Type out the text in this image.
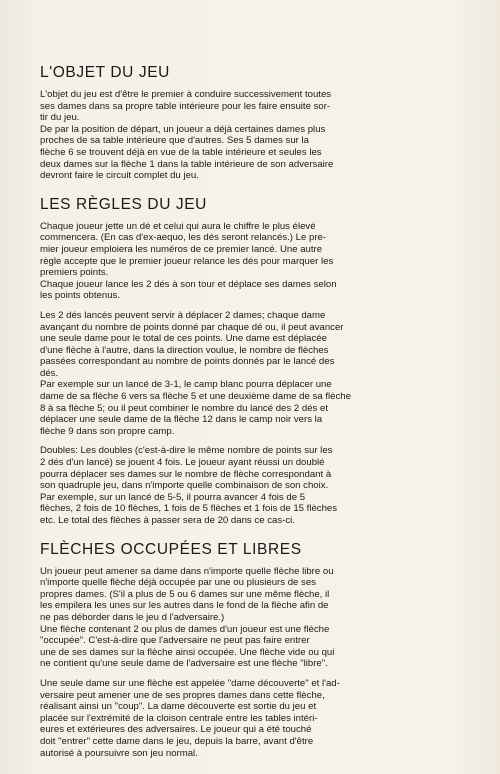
L'OBJET DU JEU

L'objet du jeu est d'être le premier à conduire successivement toutes
ses dames dans sa propre table intérieure pour les faire ensuite sor-
tir du jeu.
De par la position de départ, un joueur a déjà certaines dames plus
proches de sa table intérieure que d'autres. Ses 5 dames sur la
flèche 6 se trouvent déjà en vue de la table intérieure et seules les
deux dames sur la flèche 1 dans la table intérieure de son adversaire
devront faire le circuit complet du jeu.

LES RÈGLES DU JEU

Chaque joueur jette un dé et celui qui aura le chiffre le plus élevé
commencera. (En cas d'ex-aequo, les dés seront relancés.) Le pre-
mier joueur emploiera les numéros de ce premier lancé. Une autre
règle accepte que le premier joueur relance les dés pour marquer les
premiers points.
Chaque joueur lance les 2 dés à son tour et déplace ses dames selon
les points obtenus.

Les 2 dés lancés peuvent servir à déplacer 2 dames; chaque dame
avançant du nombre de points donné par chaque dé ou, il peut avancer
une seule dame pour le total de ces points. Une dame est déplacée
d'une flèche à l'autre, dans la direction voulue, le nombre de flèches
passées correspondant au nombre de points donnés par le lancé des
dés.
Par exemple sur un lancé de 3-1, le camp blanc pourra déplacer une
dame de sa flèche 6 vers sa flèche 5 et une deuxième dame de sa flèche
8 à sa flèche 5; ou il peut combiner le nombre du lancé des 2 dés et
déplacer une seule dame de la flèche 12 dans le camp noir vers la
flèche 9 dans son propre camp.

Doubles: Les doubles (c'est-à-dire le même nombre de points sur les
2 dés d'un lancé) se jouent 4 fois. Le joueur ayant réussi un doublé
pourra déplacer ses dames sur le nombre de flèche correspondant à
son quadruple jeu, dans n'importe quelle combinaison de son choix.
Par exemple, sur un lancé de 5-5, il pourra avancer 4 fois de 5
flèches, 2 fois de 10 flèches, 1 fois de 5 flèches et 1 fois de 15 flèches
etc. Le total des flèches à passer sera de 20 dans ce cas-ci.

FLÈCHES OCCUPÉES ET LIBRES

Un joueur peut amener sa dame dans n'importe quelle flèche libre ou
n'importe quelle flèche déjà occupée par une ou plusieurs de ses
propres dames. (S'il a plus de 5 ou 6 dames sur une même flèche, il
les empilera les unes sur les autres dans le fond de la flèche afin de
ne pas déborder dans le jeu d l'adversaire.)
Une flèche contenant 2 ou plus de dames d'un joueur est une flèche
"occupée". C'est-à-dire que l'adversaire ne peut pas faire entrer
une de ses dames sur la flèche ainsi occupée. Une flèche vide ou qui
ne contient qu'une seule dame de l'adversaire est une flèche "libre".

Une seule dame sur une flèche est appelée "dame découverte" et l'ad-
versaire peut amener une de ses propres dames dans cette flèche,
réalisant ainsi un "coup". La dame découverte est sortie du jeu et
placée sur l'extrémité de la cloison centrale entre les tables intéri-
eures et extérieures des adversaires. Le joueur qui a été touché
doit "entrer" cette dame dans le jeu, depuis la barre, avant d'être
autorisé à poursuivre son jeu normal.
